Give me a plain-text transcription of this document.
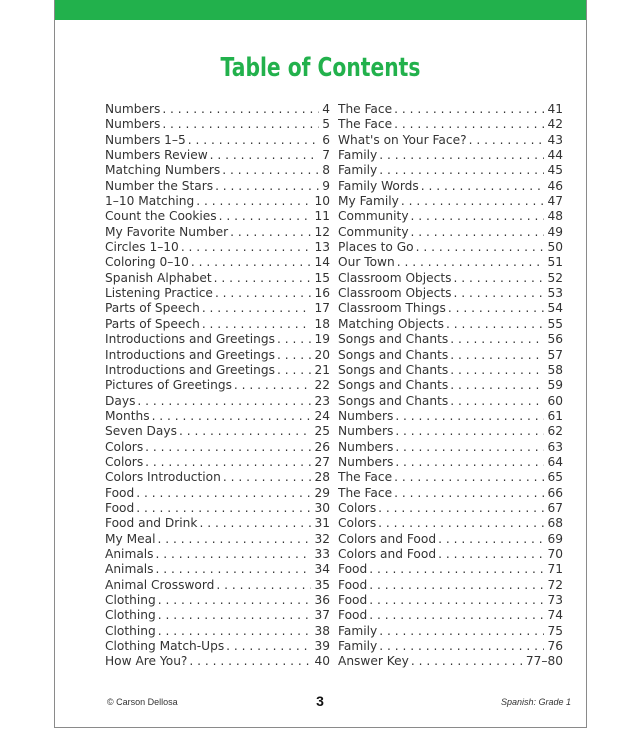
Table of Contents
Numbers . . .	4
Numbers . . .	5
Numbers 1–5 . . .	6
Numbers Review . . .	7
Matching Numbers . . .	8
Number the Stars . . .	9
1–10 Matching . . .	10
Count the Cookies . . .	11
My Favorite Number . . .	12
Circles 1–10 . . .	13
Coloring 0–10 . . .	14
Spanish Alphabet . . .	15
Listening Practice . . .	16
Parts of Speech . . .	17
Parts of Speech . . .	18
Introductions and Greetings . . .	19
Introductions and Greetings . . .	20
Introductions and Greetings . . .	21
Pictures of Greetings . . .	22
Days . . .	23
Months . . .	24
Seven Days . . .	25
Colors . . .	26
Colors . . .	27
Colors Introduction . . .	28
Food . . .	29
Food . . .	30
Food and Drink . . .	31
My Meal . . .	32
Animals . . .	33
Animals . . .	34
Animal Crossword . . .	35
Clothing . . .	36
Clothing . . .	37
Clothing . . .	38
Clothing Match-Ups . . .	39
How Are You? . . .	40
The Face . . .	41
The Face . . .	42
What's on Your Face? . . .	43
Family . . .	44
Family . . .	45
Family Words . . .	46
My Family . . .	47
Community . . .	48
Community . . .	49
Places to Go . . .	50
Our Town . . .	51
Classroom Objects . . .	52
Classroom Objects . . .	53
Classroom Things . . .	54
Matching Objects . . .	55
Songs and Chants . . .	56
Songs and Chants . . .	57
Songs and Chants . . .	58
Songs and Chants . . .	59
Songs and Chants . . .	60
Numbers . . .	61
Numbers . . .	62
Numbers . . .	63
Numbers . . .	64
The Face . . .	65
The Face . . .	66
Colors . . .	67
Colors . . .	68
Colors and Food . . .	69
Colors and Food . . .	70
Food . . .	71
Food . . .	72
Food . . .	73
Food . . .	74
Family . . .	75
Family . . .	76
Answer Key . . .	77–80
© Carson Dellosa	3	Spanish: Grade 1
